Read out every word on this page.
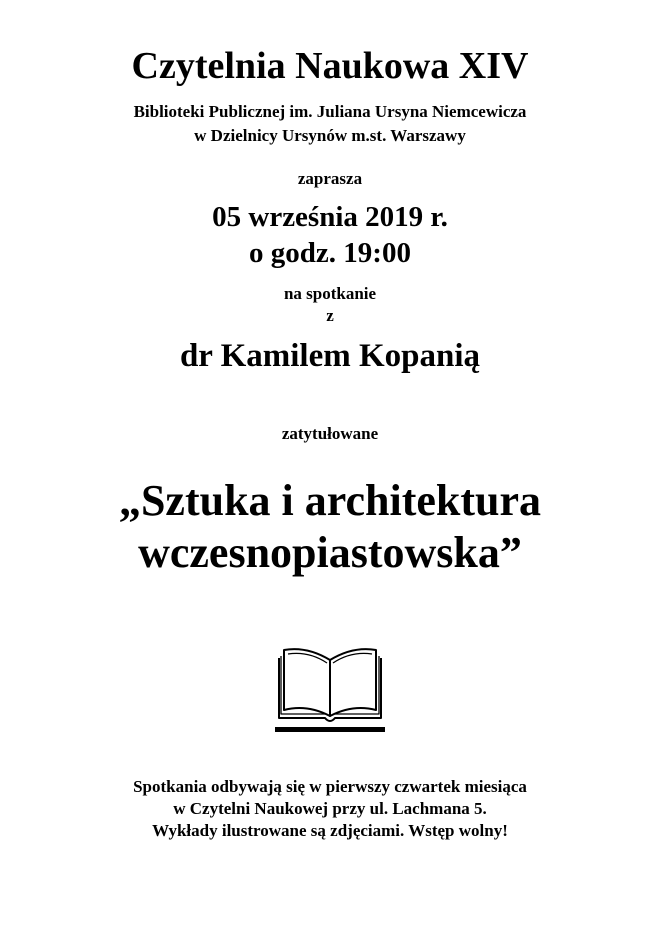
Czytelnia Naukowa XIV
Biblioteki Publicznej im. Juliana Ursyna Niemcewicza
w Dzielnicy Ursynów m.st. Warszawy
zaprasza
05 września 2019 r.
o godz. 19:00
na spotkanie
z
dr Kamilem Kopanią
zatytułowane
„Sztuka i architektura
wczesnopiastowska”
Spotkania odbywają się w pierwszy czwartek miesiąca
w Czytelni Naukowej przy ul. Lachmana 5.
Wykłady ilustrowane są zdjęciami. Wstęp wolny!
